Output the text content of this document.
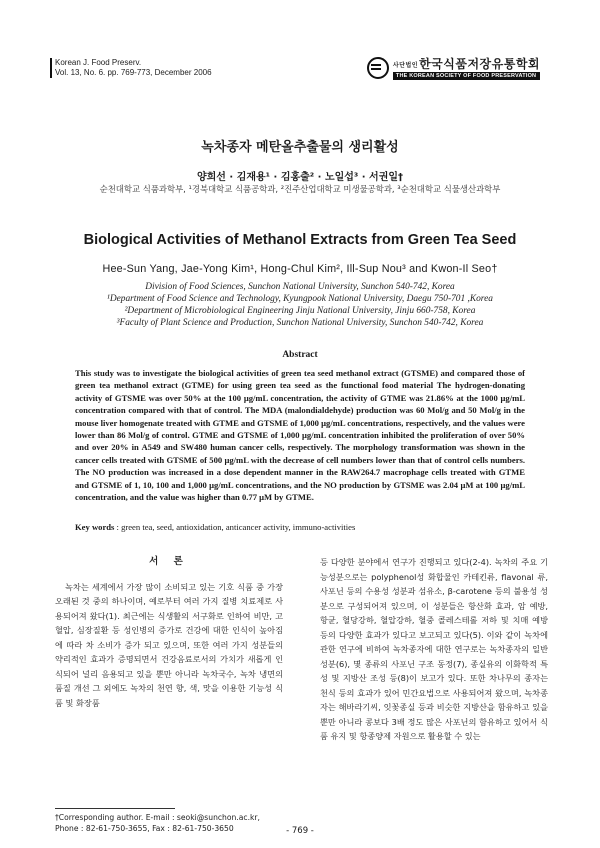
Korean J. Food Preserv.
Vol. 13, No. 6. pp. 769-773, December 2006
사단법인한국식품저장유통학회
THE KOREAN SOCIETY OF FOOD PRESERVATION
녹차종자 메탄올추출물의 생리활성
양희선 · 김재용¹ · 김홍출² · 노일섭³ · 서권일†
순천대학교 식품과학부, ¹경북대학교 식품공학과, ²진주산업대학교 미생물공학과, ³순천대학교 식물생산과학부
Biological Activities of Methanol Extracts from Green Tea Seed
Hee-Sun Yang, Jae-Yong Kim¹, Hong-Chul Kim², Ill-Sup Nou³ and Kwon-Il Seo†
Division of Food Sciences, Sunchon National University, Sunchon 540-742, Korea
¹Department of Food Science and Technology, Kyungpook National University, Daegu 750-701 ,Korea
²Department of Microbiological Engineering Jinju National University, Jinju 660-758, Korea
³Faculty of Plant Science and Production, Sunchon National University, Sunchon 540-742, Korea
Abstract
This study was to investigate the biological activities of green tea seed methanol extract (GTSME) and compared those of green tea methanol extract (GTME) for using green tea seed as the functional food material The hydrogen-donating activity of GTSME was over 50% at the 100 μg/mL concentration, the activity of GTME was 21.86% at the 1000 μg/mL concentration compared with that of control. The MDA (malondialdehyde) production was 60 Mol/g and 50 Mol/g in the mouse liver homogenate treated with GTME and GTSME of 1,000 μg/mL concentrations, respectively, and the values were lower than 86 Mol/g of control. GTME and GTSME of 1,000 μg/mL concentration inhibited the proliferation of over 50% and over 20% in A549 and SW480 human cancer cells, respectively. The morphology transformation was shown in the cancer cells treated with GTSME of 500 μg/mL with the decrease of cell numbers lower than that of control cells numbers. The NO production was increased in a dose dependent manner in the RAW264.7 macrophage cells treated with GTME and GTSME of 1, 10, 100 and 1,000 μg/mL concentrations, and the NO production by GTSME was 2.04 μM at 100 μg/mL concentration, and the value was higher than 0.77 μM by GTME.
Key words : green tea, seed, antioxidation, anticancer activity, immuno-activities
서 론

녹차는 세계에서 가장 많이 소비되고 있는 기호 식품 중 가장 오래된 것 중의 하나이며, 예로부터 여러 가지 질병 치료제로 사용되어져 왔다(1). 최근에는 식생활의 서구화로 인하여 비만, 고혈압, 심장질환 등 성인병의 증가로 건강에 대한 인식이 높아짐에 따라 차 소비가 증가 되고 있으며, 또한 여러 가지 성분들의 약리적인 효과가 증명되면서 건강음료로서의 가치가 새롭게 인식되어 널리 음용되고 있을 뿐만 아니라 녹차국수, 녹차 냉면의 품질 개선 그 외에도 녹차의 천연 향, 색, 맛을 이용한 기능성 식품 및 화장품

등 다양한 분야에서 연구가 진행되고 있다(2-4). 녹차의 주요 기능성분으로는 polyphenol성 화합물인 카테킨류, flavonal 류, 사포닌 등의 수용성 성분과 섬유소, β-carotene 등의 불용성 성분으로 구성되어져 있으며, 이 성분들은 항산화 효과, 암 예방, 항균, 혈당강하, 혈압강하, 혈중 콜레스테롤 저하 및 치매 예방 등의 다양한 효과가 있다고 보고되고 있다(5). 이와 같이 녹차에 관한 연구에 비하여 녹차종자에 대한 연구로는 녹차종자의 일반성분(6), 몇 종류의 사포닌 구조 동정(7), 종실유의 이화학적 특성 및 지방산 조성 등(8)이 보고가 있다. 또한 차나무의 종자는 천식 등의 효과가 있어 민간요법으로 사용되어져 왔으며, 녹차종자는 해바라기씨, 잇꽃종실 등과 비슷한 지방산을 함유하고 있을 뿐만 아니라 콩보다 3배 정도 많은 사포닌의 함유하고 있어서 식품 유지 및 항종양제 자원으로 활용할 수 있는

†Corresponding author. E-mail : seoki@sunchon.ac.kr,
Phone : 82-61-750-3655, Fax : 82-61-750-3650	- 769 -
